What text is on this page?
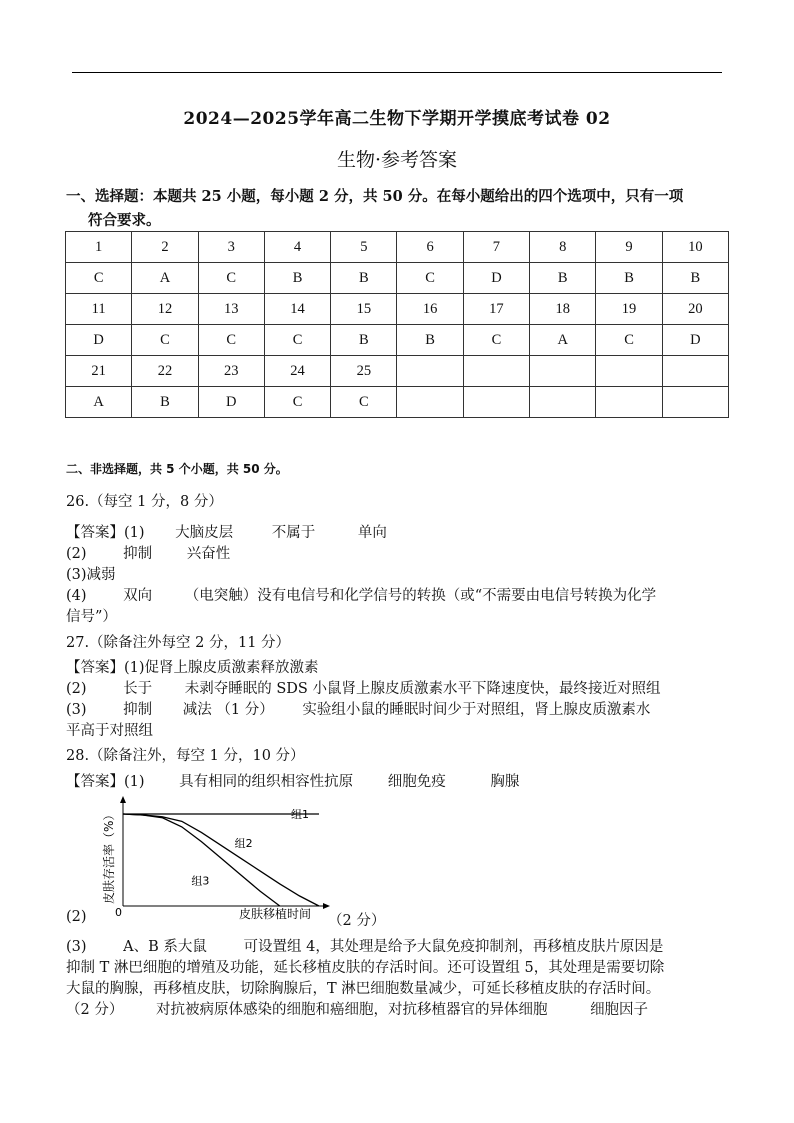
2024—2025学年高二生物下学期开学摸底考试卷 02
生物·参考答案
一、选择题：本题共 25 小题，每小题 2 分，共 50 分。在每小题给出的四个选项中，只有一项
符合要求。
1	2	3	4	5	6	7	8	9	10
C	A	C	B	B	C	D	B	B	B
11	12	13	14	15	16	17	18	19	20
D	C	C	C	B	B	C	A	C	D
21	22	23	24	25					
A	B	D	C	C					
二、非选择题，共 5 个小题，共 50 分。
26.（每空 1 分，8 分）
【答案】(1) 大脑皮层	不属于	单向
(2)	抑制 兴奋性
(3)减弱
(4)	双向 （电突触）没有电信号和化学信号的转换（或“不需要由电信号转换为化学
信号”）
27.（除备注外每空 2 分，11 分）
【答案】(1)促肾上腺皮质激素释放激素
(2)	长于 未剥夺睡眠的 SDS 小鼠肾上腺皮质激素水平下降速度快，最终接近对照组
(3)	抑制 减法 （1 分） 实验组小鼠的睡眠时间少于对照组，肾上腺皮质激素水
平高于对照组
28.（除备注外，每空 1 分，10 分）
【答案】(1) 具有相同的组织相容性抗原 细胞免疫	胸腺
组1
组2
组3
0	皮肤移植时间
皮肤存活率（%）
(2)	（2 分）
(3)	A、B 系大鼠	可设置组 4，其处理是给予大鼠免疫抑制剂，再移植皮肤片原因是
抑制 T 淋巴细胞的增殖及功能，延长移植皮肤的存活时间。还可设置组 5，其处理是需要切除
大鼠的胸腺，再移植皮肤，切除胸腺后，T 淋巴细胞数量减少，可延长移植皮肤的存活时间。
（2 分） 对抗被病原体感染的细胞和癌细胞，对抗移植器官的异体细胞	细胞因子
